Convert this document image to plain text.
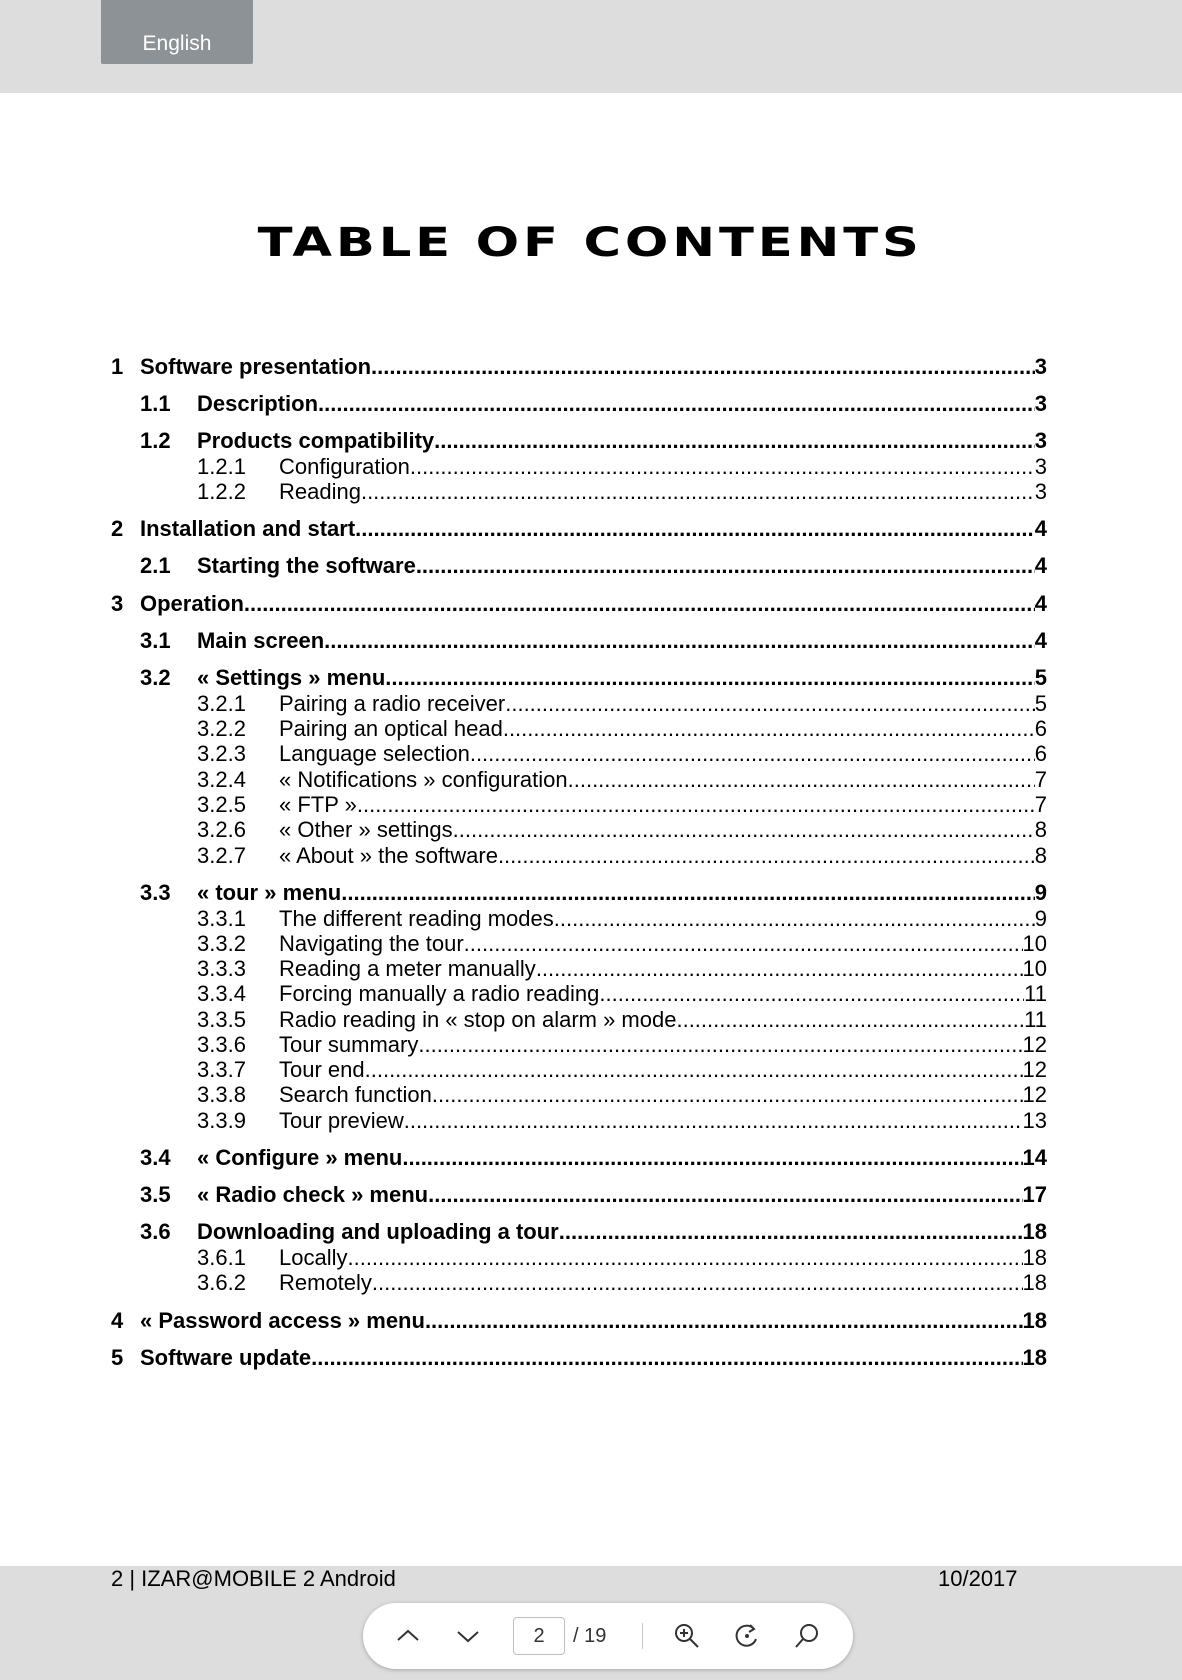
English
TABLE OF CONTENTS
1 Software presentation .....	3
1.1	Description .....	3
1.2	Products compatibility .....	3
1.2.1	Configuration .....	3
1.2.2	Reading .....	3
2 Installation and start .....	4
2.1	Starting the software .....	4
3 Operation .....	4
3.1	Main screen .....	4
3.2	« Settings » menu .....	5
3.2.1	Pairing a radio receiver .....	5
3.2.2	Pairing an optical head .....	6
3.2.3	Language selection .....	6
3.2.4	« Notifications » configuration .....	7
3.2.5	« FTP » .....	7
3.2.6	« Other » settings .....	8
3.2.7	« About » the software .....	8
3.3	« tour » menu .....	9
3.3.1	The different reading modes .....	9
3.3.2	Navigating the tour .....	10
3.3.3	Reading a meter manually .....	10
3.3.4	Forcing manually a radio reading .....	11
3.3.5	Radio reading in « stop on alarm » mode .....	11
3.3.6	Tour summary .....	12
3.3.7	Tour end .....	12
3.3.8	Search function .....	12
3.3.9	Tour preview .....	13
3.4	« Configure » menu .....	14
3.5	« Radio check » menu .....	17
3.6	Downloading and uploading a tour .....	18
3.6.1	Locally .....	18
3.6.2	Remotely .....	18
4 « Password access » menu .....	18
5 Software update .....	18
2 | IZAR@MOBILE 2 Android	10/2017
2
/ 19
